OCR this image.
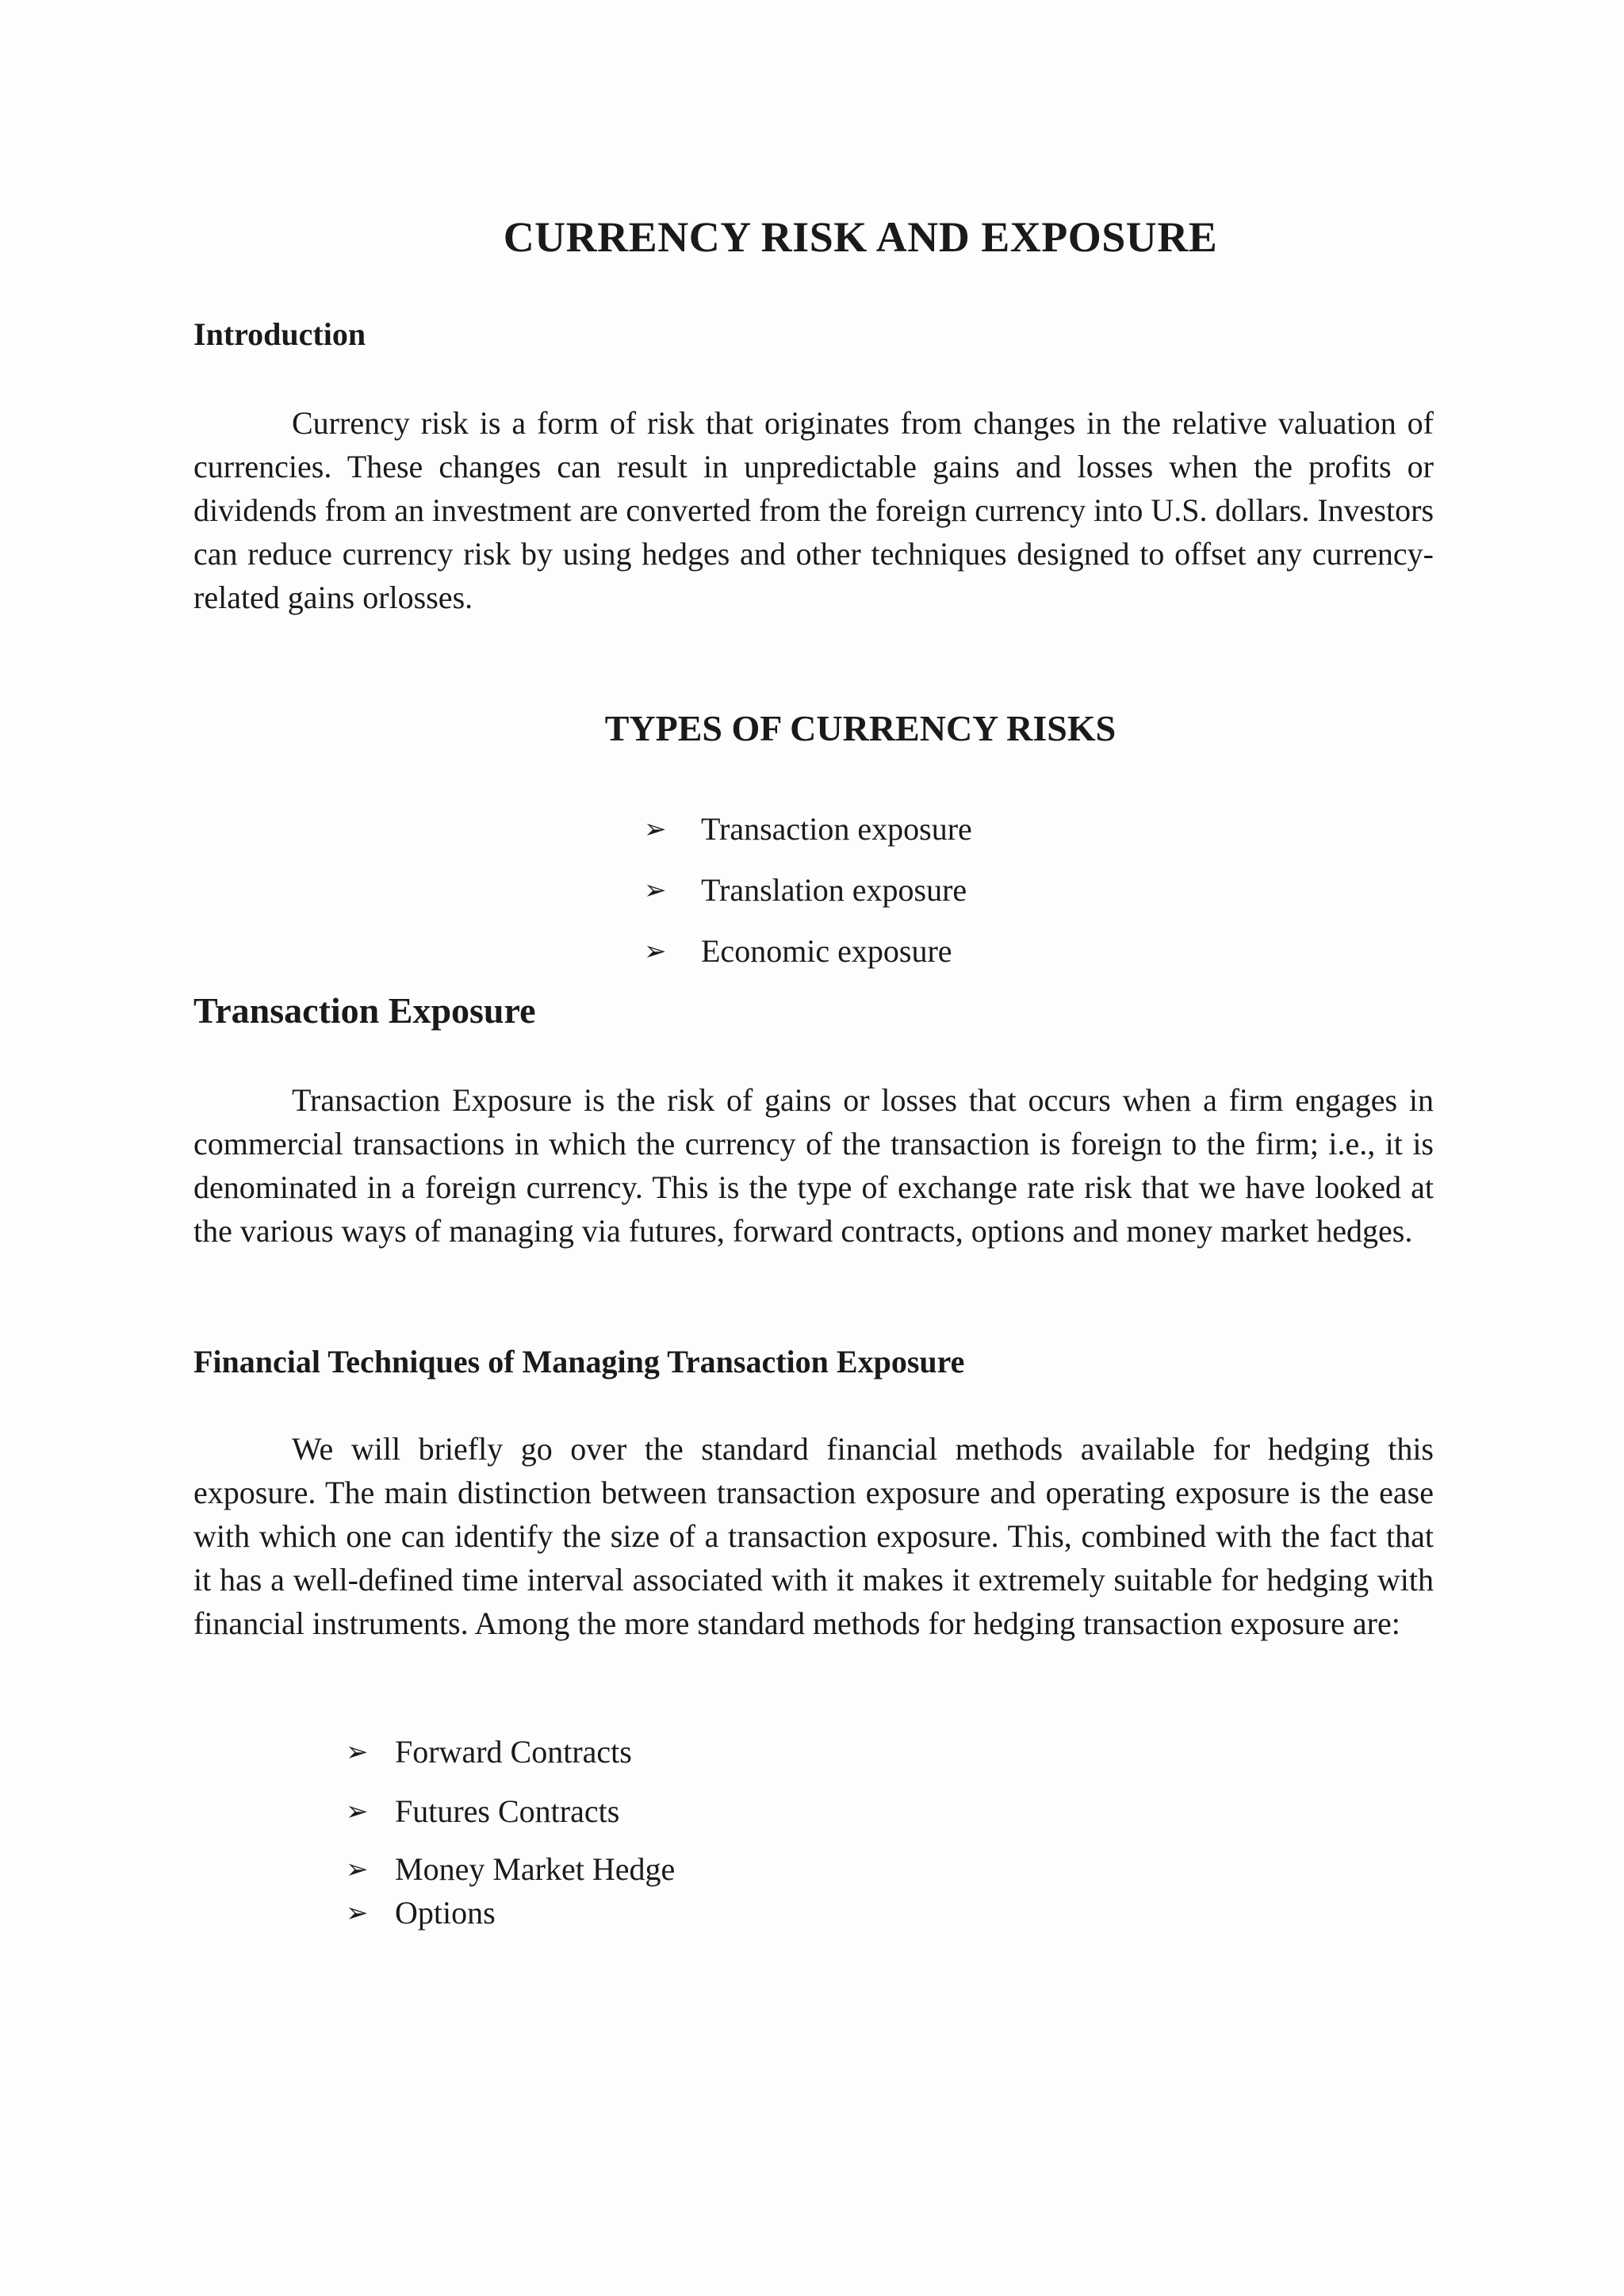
CURRENCY RISK AND EXPOSURE
Introduction

Currency risk is a form of risk that originates from changes in the relative valuation of currencies. These changes can result in unpredictable gains and losses when the profits or dividends from an investment are converted from the foreign currency into U.S. dollars. Investors can reduce currency risk by using hedges and other techniques designed to offset any currency-related gains orlosses.

TYPES OF CURRENCY RISKS
➢ Transaction exposure
➢ Translation exposure
➢ Economic exposure
Transaction Exposure

Transaction Exposure is the risk of gains or losses that occurs when a firm engages in commercial transactions in which the currency of the transaction is foreign to the firm; i.e., it is denominated in a foreign currency. This is the type of exchange rate risk that we have looked at the various ways of managing via futures, forward contracts, options and money market hedges.

Financial Techniques of Managing Transaction Exposure

We will briefly go over the standard financial methods available for hedging this exposure. The main distinction between transaction exposure and operating exposure is the ease with which one can identify the size of a transaction exposure. This, combined with the fact that it has a well-defined time interval associated with it makes it extremely suitable for hedging with financial instruments. Among the more standard methods for hedging transaction exposure are:

➢ Forward Contracts
➢ Futures Contracts
➢ Money Market Hedge
➢ Options
